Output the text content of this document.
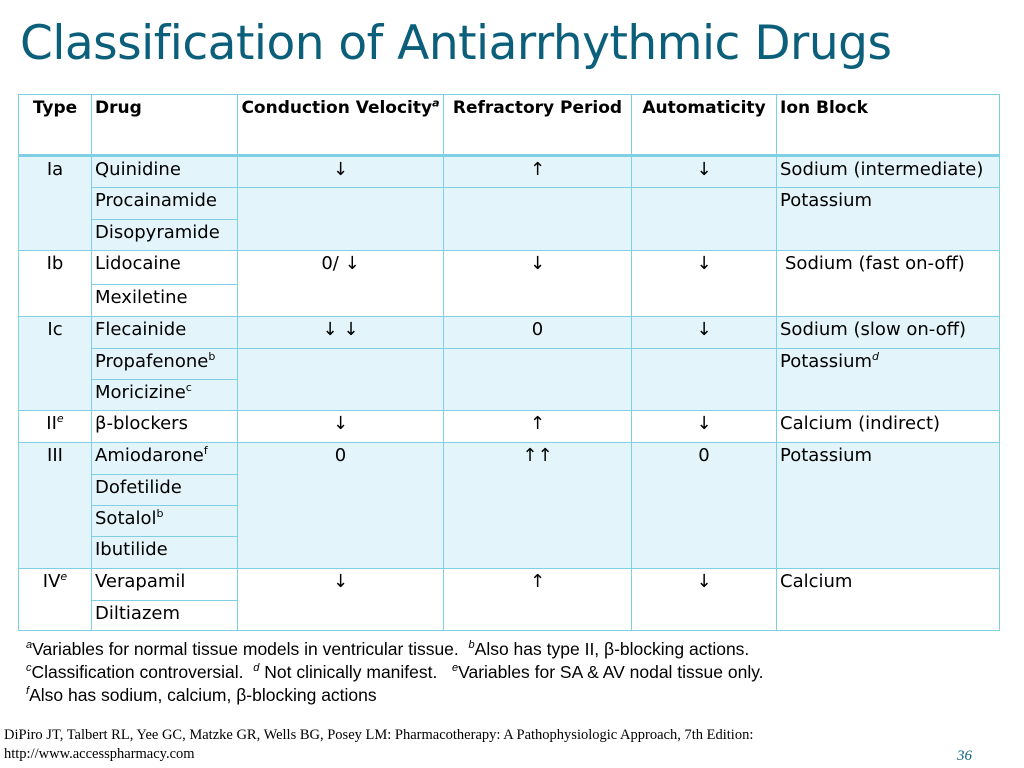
Classification of Antiarrhythmic Drugs
Type	Drug	Conduction Velocity$^a$	Refractory Period	Automaticity	Ion Block
Ia	Quinidine	↓	↑	↓	Sodium (intermediate)
	Procainamide				Potassium
	Disopyramide				
Ib	Lidocaine	0/ ↓	↓	↓	Sodium (fast on-off)
	Mexiletine				
Ic	Flecainide	↓ ↓	0	↓	Sodium (slow on-off)
	Propafenone$^b$				Potassium$^d$
	Moricizine$^c$
IIe	β-blockers	↓	↑	↓	Calcium (indirect)
III	Amiodarone$^f$	0	↑↑	0	Potassium
	Dofetilide				
	Sotalol$^b$
	Ibutilide				
IVe	Verapamil	↓	↑	↓	Calcium
	Diltiazem				
$^a$Variables for normal tissue models in ventricular tissue. $^b$Also has type II, β-blocking actions.
$^c$Classification controversial. $^d$ Not clinically manifest. $^e$Variables for SA & AV nodal tissue only.
$^f$Also has sodium, calcium, β-blocking actions
DiPiro JT, Talbert RL, Yee GC, Matzke GR, Wells BG, Posey LM: Pharmacotherapy: A Pathophysiologic Approach, 7th Edition:
http://www.accesspharmacy.com	36
